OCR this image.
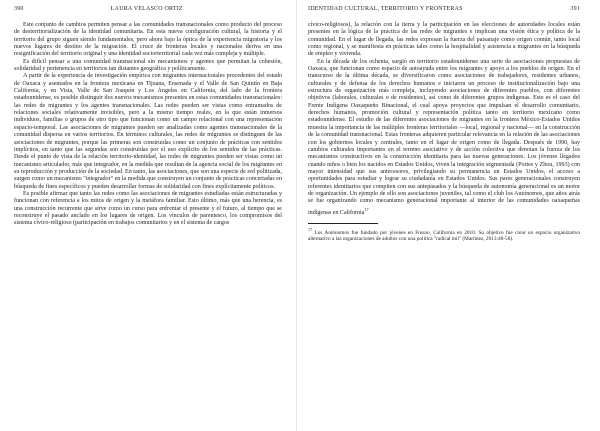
390	LAURA VELASCO ORTIZ

Este conjunto de cambios permiten pensar a las comunidades transnacionales como producto del proceso de desterritorialización de la identidad comunitaria. En esta nueva configuración cultural, la historia y el territorio del grupo siguen siendo fundamentales, pero ahora bajo la óptica de la experiencia migratoria y los nuevos lugares de destino de la migración. El cruce de fronteras locales y nacionales deriva en una resignificación del territorio original y una identidad sociorterritorial cada vez más compleja y múltiple.

Es difícil pensar a una comunidad transnacional sin mecanismos y agentes que permitan la cohesión, solidaridad y pertenencia en territorios tan distantes geográfica y políticamente.

A partir de la experiencia de investigación empírica con migrantes internacionales procedentes del estado de Oaxaca y asentados en la frontera mexicana en Tijuana, Ensenada y el Valle de San Quintín en Baja California, y en Vista, Valle de San Joaquín y Los Ángeles en California, del lado de la frontera estadounidense, es posible distinguir dos nuevos mecanismos presentes en estas comunidades transnacionales: las redes de migrantes y los agentes transnacionales. Las redes pueden ser vistas como entramados de relaciones sociales relativamente invisibles, pero a la mismo tiempo reales, en la que están inmersos individuos, familias o grupos de otro tipo que funcionan como un campo relacional con una representación espacio-temporal. Las asociaciones de migrantes pueden ser analizadas como agentes transnacionales de la comunidad dispersa en varios territorios. En términos culturales, las redes de migrantes se distinguen de las asociaciones de migrantes, porque las primeras son construidas como un conjunto de prácticas con sentidos implícitos, en tanto que las segundas son construidas por el uso explícito de los sentidos de las prácticas. Desde el punto de vista de la relación territorio-identidad, las redes de migrantes pueden ser vistas como un mecanismo articulador, más que integrador, en la medida que resultan de la agencia social de los migrantes en su reproducción y producción de la sociedad. En tanto, las asociaciones, que son una especie de red politizada, surgen como un mecanismo "integrador" en la medida que construyen un conjunto de prácticas concertadas en búsqueda de fines específicos y pueden desarrollar formas de solidaridad con fines explícitamente políticos.

Es posible afirmar que tanto las redes como las asociaciones de migrantes estudiadas están estructuradas y funcionan con referencia a los mitos de origen y la metáfora familiar. Esto último, más que una herencia, es una construcción recurrente que sirve como un curso para enfrentar el presente y el futuro, al tiempo que se reconstruye el pasado anclado en los lugares de origen. Los vínculos de parentesco, los compromisos del sistema cívico-religioso (participación en trabajos comunitarios y en el sistema de cargos

IDENTIDAD CULTURAL, TERRITORIO Y FRONTERAS	391

cívico-religiosos), la relación con la tierra y la participación en las elecciones de autoridades locales están presentes en la lógica de la práctica de las redes de migrantes e implican una visión ética y política de la comunidad. En el lugar de llegada, las redes expresan la fuerza del paisanaje como origen común, tanto local como regional, y se manifiesta en prácticas tales como la hospitalidad y asistencia a migrantes en la búsqueda de empleo y vivienda.

En la década de los ochenta, surgió en territorio estadounidense una serie de asociaciones propuestas de Oaxaca, que funcionan como espacio de autoayuda entre los migrantes y apoyo a los pueblos de origen. En el transcurso de la última década, se diversificaron como asociaciones de trabajadores, residentes urbanos, culturales y de defensa de los derechos humanos e iniciaron un proceso de institucionalización bajo una estructura de organización más compleja, incluyendo asociaciones de diferentes pueblos, con diferentes objetivos (laborales, culturales o de residentes), así como de diferentes grupos indígenas. Este es el caso del Frente Indígena Oaxaqueño Binacional, el cual apoya proyectos que impulsan el desarrollo comunitario, derechos humanos, promoción cultural y representación política tanto en territorio mexicano como estadounidense. El estudio de las diferentes asociaciones de migrantes en la frontera México-Estados Unidos muestra la importancia de las múltiples fronteras territoriales —local, regional y nacional— en la construcción de la comunidad transnacional. Estas fronteras adquieren particular relevancia en la relación de las asociaciones con los gobiernos locales y centrales, tanto en el lugar de origen como de llegada. Después de 1990, hay cambios culturales importantes en el terreno asociativo y de acción colectiva que denotan la fuerza de los mecanismos constructivos en la construcción identitaria para las nuevas generaciones. Los jóvenes llegados cuando niños o bien los nacidos en Estados Unidos, viven la integración segmentada (Portes y Zhou, 1993) con mayor intensidad que sus antecesores, privilegiando su permanencia en Estados Unidos, el acceso a oportunidades para estudiar y lograr su ciudadanía en Estados Unidos. Sus pares generacionales construyen referentes identitarios que compiten con sus antepasados y la búsqueda de autonomía generacional es un motor de organización. Un ejemplo de ello son asociaciones juveniles, tal como el club los Autónomos, que años atrás se fue organizando como mecanismo generacional importante al interior de las comunidades oaxaqueñas indígenas en California$^{17}$

$^{17}$ Los Autónomos fue fundado por jóvenes en Fresno, California en 2010. Su objetivo fue crear un espacio organizativo alternativo a las organizaciones de adultos con una política "radical mil" (Martínez, 2013:48-58).
